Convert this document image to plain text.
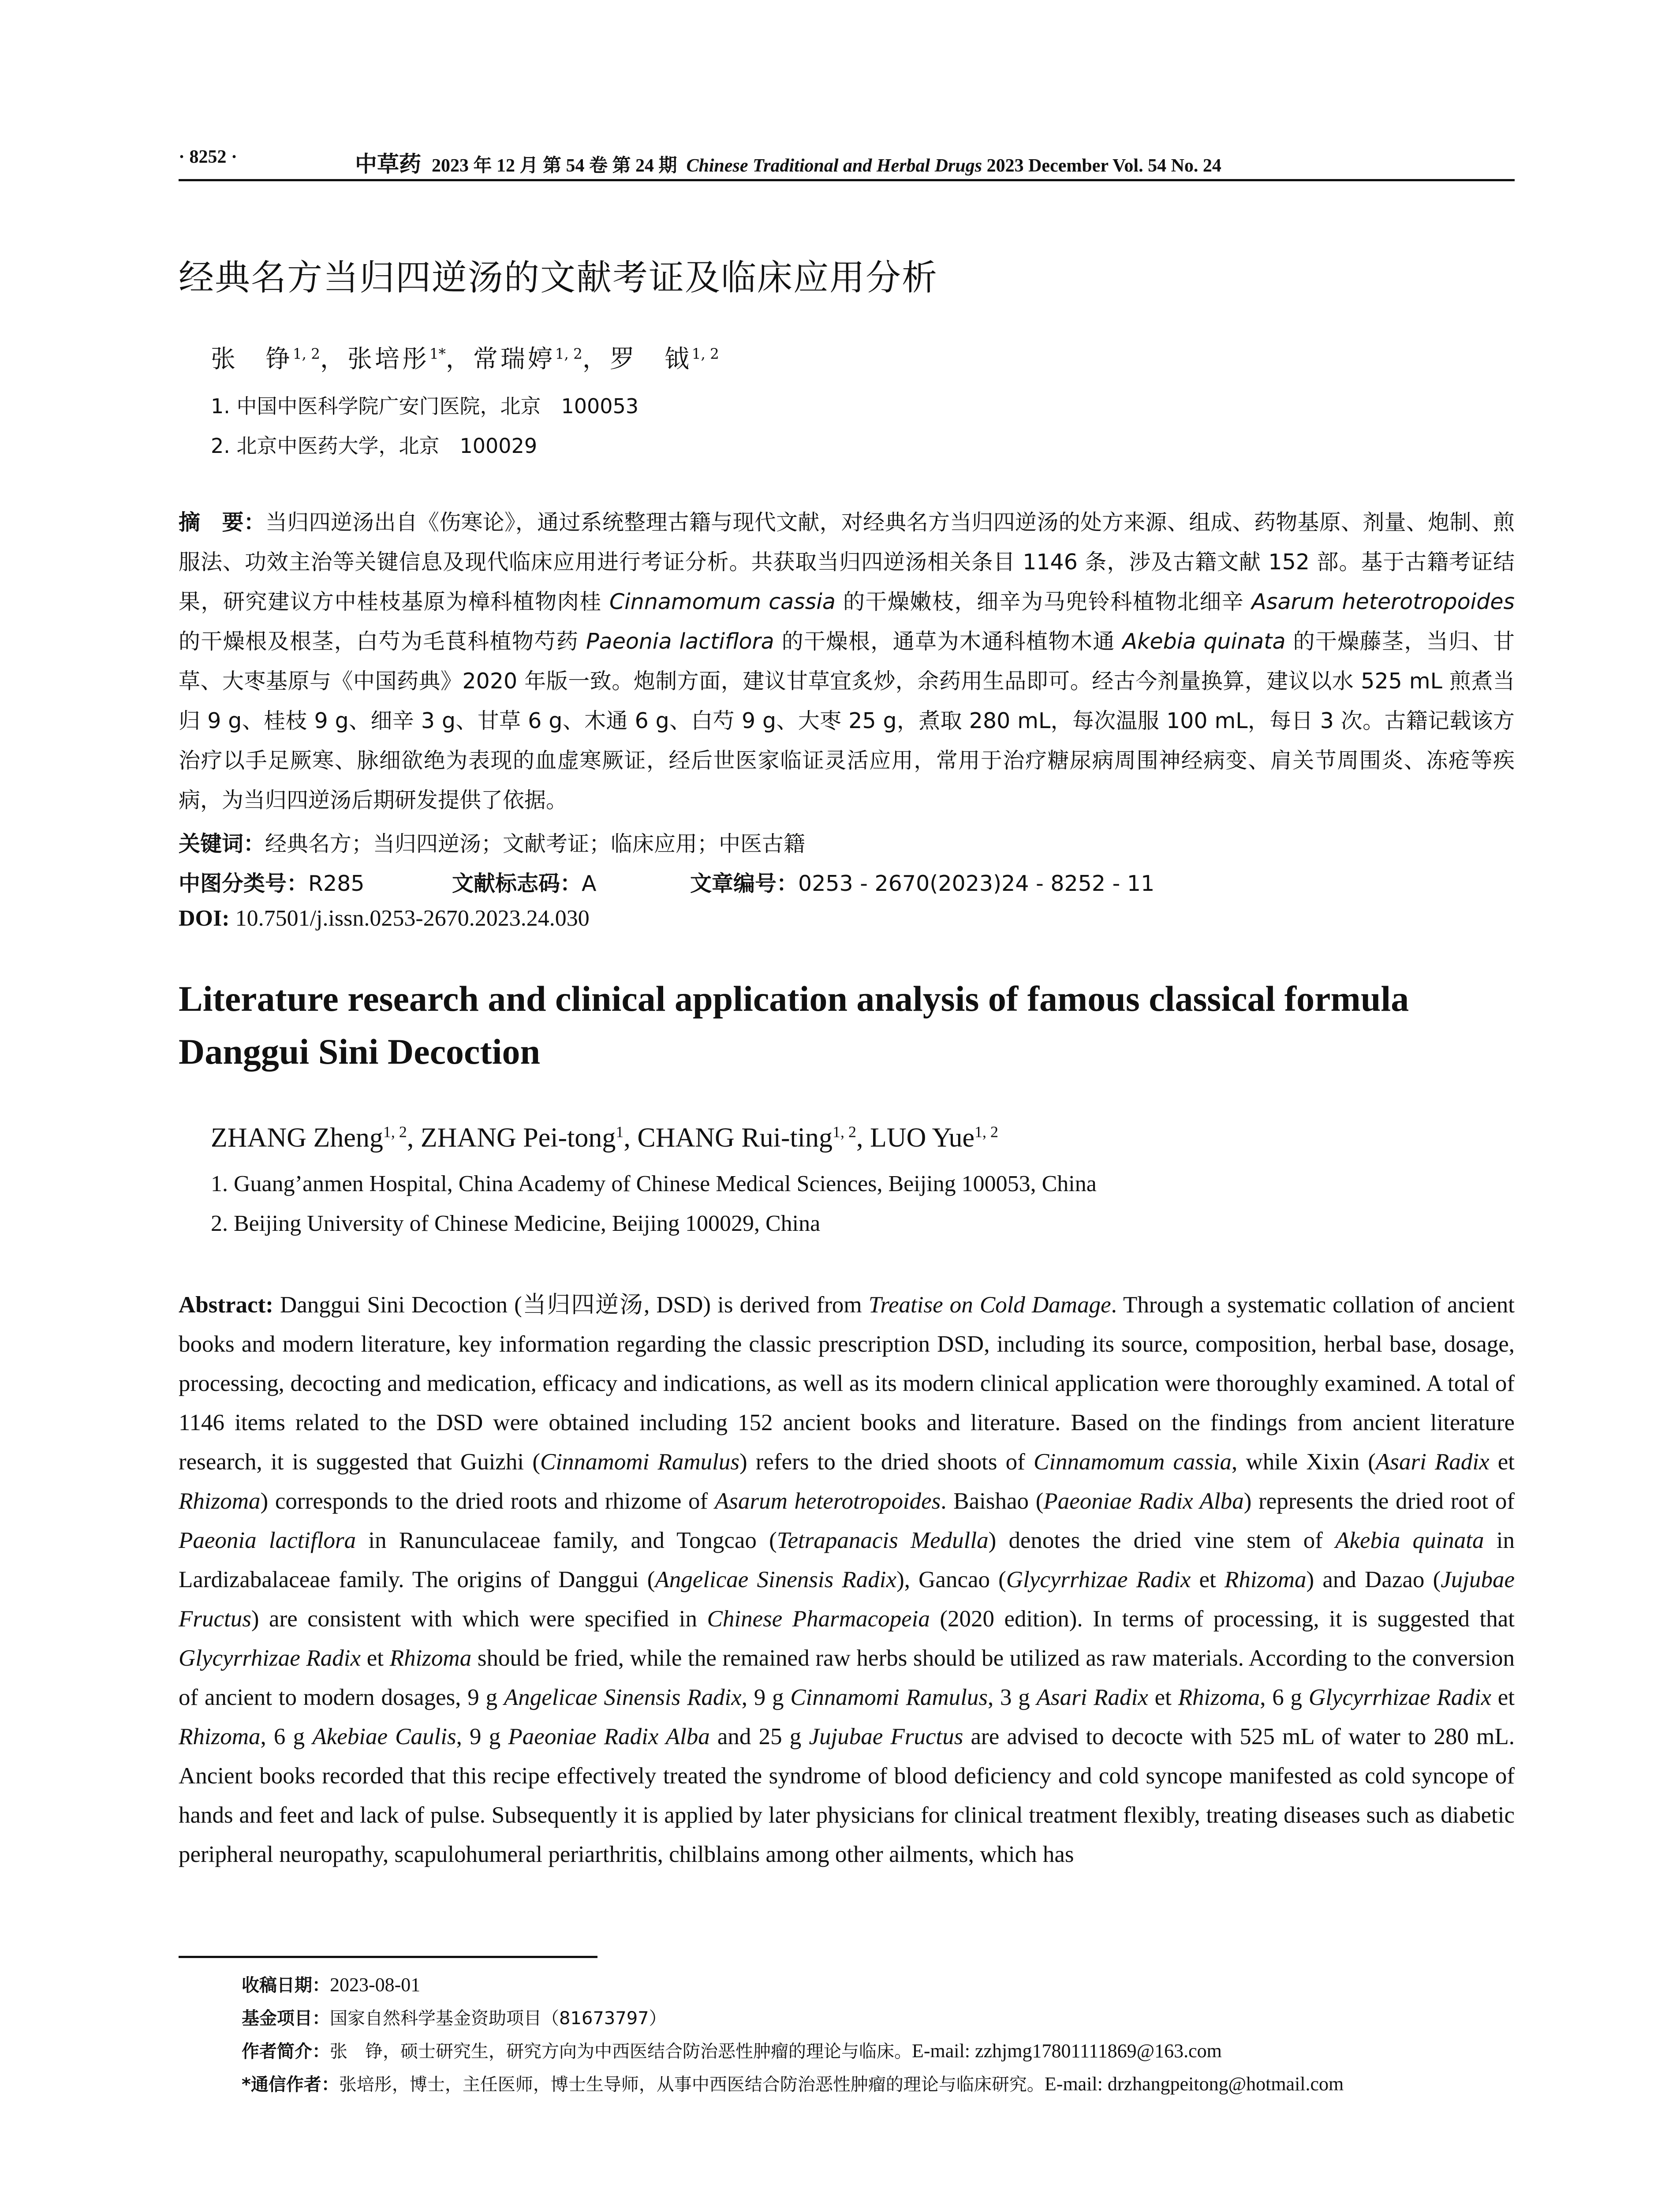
· 8252 ·	中草药 2023 年 12 月 第 54 卷 第 24 期 Chinese Traditional and Herbal Drugs 2023 December Vol. 54 No. 24
经典名方当归四逆汤的文献考证及临床应用分析
张　铮$^{1, 2}$，张培彤$^{1*}$，常瑞婷$^{1, 2}$，罗　钺$^{1, 2}$
1. 中国中医科学院广安门医院，北京　100053
2. 北京中医药大学，北京　100029
摘　要：当归四逆汤出自《伤寒论》，通过系统整理古籍与现代文献，对经典名方当归四逆汤的处方来源、组成、药物基原、剂量、炮制、煎服法、功效主治等关键信息及现代临床应用进行考证分析。共获取当归四逆汤相关条目 1146 条，涉及古籍文献 152 部。基于古籍考证结果，研究建议方中桂枝基原为樟科植物肉桂 Cinnamomum cassia 的干燥嫩枝，细辛为马兜铃科植物北细辛 Asarum heterotropoides 的干燥根及根茎，白芍为毛茛科植物芍药 Paeonia lactiflora 的干燥根，通草为木通科植物木通 Akebia quinata 的干燥藤茎，当归、甘草、大枣基原与《中国药典》2020 年版一致。炮制方面，建议甘草宜炙炒，余药用生品即可。经古今剂量换算，建议以水 525 mL 煎煮当归 9 g、桂枝 9 g、细辛 3 g、甘草 6 g、木通 6 g、白芍 9 g、大枣 25 g，煮取 280 mL，每次温服 100 mL，每日 3 次。古籍记载该方治疗以手足厥寒、脉细欲绝为表现的血虚寒厥证，经后世医家临证灵活应用，常用于治疗糖尿病周围神经病变、肩关节周围炎、冻疮等疾病，为当归四逆汤后期研发提供了依据。
关键词：经典名方；当归四逆汤；文献考证；临床应用；中医古籍
中图分类号：R285	文献标志码：A	文章编号：0253 - 2670(2023)24 - 8252 - 11
DOI: 10.7501/j.issn.0253-2670.2023.24.030
Literature research and clinical application analysis of famous classical formula Danggui Sini Decoction
ZHANG Zheng$^{1, 2}$, ZHANG Pei-tong$^1$, CHANG Rui-ting$^{1, 2}$, LUO Yue$^{1, 2}$
1. Guang’anmen Hospital, China Academy of Chinese Medical Sciences, Beijing 100053, China
2. Beijing University of Chinese Medicine, Beijing 100029, China
Abstract: Danggui Sini Decoction (当归四逆汤, DSD) is derived from Treatise on Cold Damage. Through a systematic collation of ancient books and modern literature, key information regarding the classic prescription DSD, including its source, composition, herbal base, dosage, processing, decocting and medication, efficacy and indications, as well as its modern clinical application were thoroughly examined. A total of 1146 items related to the DSD were obtained including 152 ancient books and literature. Based on the findings from ancient literature research, it is suggested that Guizhi (Cinnamomi Ramulus) refers to the dried shoots of Cinnamomum cassia, while Xixin (Asari Radix et Rhizoma) corresponds to the dried roots and rhizome of Asarum heterotropoides. Baishao (Paeoniae Radix Alba) represents the dried root of Paeonia lactiflora in Ranunculaceae family, and Tongcao (Tetrapanacis Medulla) denotes the dried vine stem of Akebia quinata in Lardizabalaceae family. The origins of Danggui (Angelicae Sinensis Radix), Gancao (Glycyrrhizae Radix et Rhizoma) and Dazao (Jujubae Fructus) are consistent with which were specified in Chinese Pharmacopeia (2020 edition). In terms of processing, it is suggested that Glycyrrhizae Radix et Rhizoma should be fried, while the remained raw herbs should be utilized as raw materials. According to the conversion of ancient to modern dosages, 9 g Angelicae Sinensis Radix, 9 g Cinnamomi Ramulus, 3 g Asari Radix et Rhizoma, 6 g Glycyrrhizae Radix et Rhizoma, 6 g Akebiae Caulis, 9 g Paeoniae Radix Alba and 25 g Jujubae Fructus are advised to decocte with 525 mL of water to 280 mL. Ancient books recorded that this recipe effectively treated the syndrome of blood deficiency and cold syncope manifested as cold syncope of hands and feet and lack of pulse. Subsequently it is applied by later physicians for clinical treatment flexibly, treating diseases such as diabetic peripheral neuropathy, scapulohumeral periarthritis, chilblains among other ailments, which has
收稿日期：2023-08-01
基金项目：国家自然科学基金资助项目（81673797）
作者简介：张　铮，硕士研究生，研究方向为中西医结合防治恶性肿瘤的理论与临床。E-mail: zzhjmg17801111869@163.com
*通信作者：张培彤，博士，主任医师，博士生导师，从事中西医结合防治恶性肿瘤的理论与临床研究。E-mail: drzhangpeitong@hotmail.com
